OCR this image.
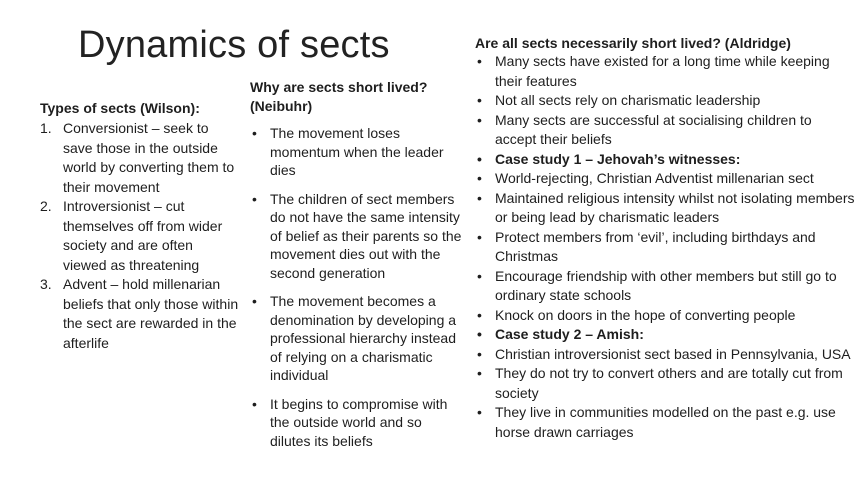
Dynamics of sects
Types of sects (Wilson):
1. Conversionist – seek to save those in the outside world by converting them to their movement
2. Introversionist – cut themselves off from wider society and are often viewed as threatening
3. Advent – hold millenarian beliefs that only those within the sect are rewarded in the afterlife
Why are sects short lived? (Neibuhr)
• The movement loses momentum when the leader dies
• The children of sect members do not have the same intensity of belief as their parents so the movement dies out with the second generation
• The movement becomes a denomination by developing a professional hierarchy instead of relying on a charismatic individual
• It begins to compromise with the outside world and so dilutes its beliefs
Are all sects necessarily short lived? (Aldridge)
• Many sects have existed for a long time while keeping their features
• Not all sects rely on charismatic leadership
• Many sects are successful at socialising children to accept their beliefs
• Case study 1 – Jehovah’s witnesses:
• World-rejecting, Christian Adventist millenarian sect
• Maintained religious intensity whilst not isolating members or being lead by charismatic leaders
• Protect members from ‘evil’, including birthdays and Christmas
• Encourage friendship with other members but still go to ordinary state schools
• Knock on doors in the hope of converting people
• Case study 2 – Amish:
• Christian introversionist sect based in Pennsylvania, USA
• They do not try to convert others and are totally cut from society
• They live in communities modelled on the past e.g. use horse drawn carriages
